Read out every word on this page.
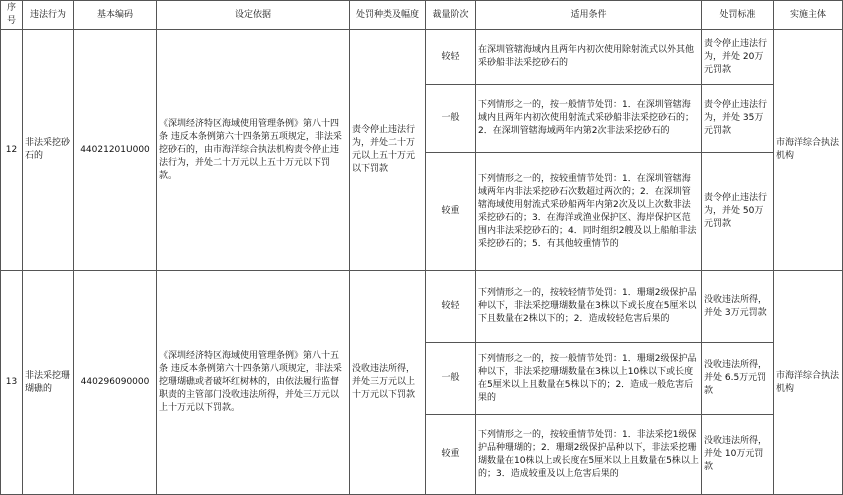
序号	违法行为	基本编码	设定依据	处罚种类及幅度	裁量阶次	适用条件	处罚标准	实施主体
12	非法采挖砂石的	44021201U000	《深圳经济特区海域使用管理条例》第八十四条 违反本条例第六十四条第五项规定，非法采挖砂石的，由市海洋综合执法机构责令停止违法行为，并处二十万元以上五十万元以下罚款。	责令停止违法行为，并处二十万元以上五十万元以下罚款	较轻	在深圳管辖海域内且两年内初次使用除射流式以外其他采砂船非法采挖砂石的	责令停止违法行为，并处 20万元罚款	市海洋综合执法机构
					一般	下列情形之一的，按一般情节处罚：1．在深圳管辖海域内且两年内初次使用射流式采砂船非法采挖砂石的；2．在深圳管辖海域两年内第2次非法采挖砂石的	责令停止违法行为，并处 35万元罚款	
					较重	下列情形之一的，按较重情节处罚：1．在深圳管辖海域两年内非法采挖砂石次数超过两次的；2．在深圳管辖海域使用射流式采砂船两年内第2次及以上次数非法采挖砂石的；3．在海洋或渔业保护区、海岸保护区范围内非法采挖砂石的；4．同时组织2艘及以上船舶非法采挖砂石的；5．有其他较重情节的	责令停止违法行为，并处 50万元罚款	
13	非法采挖珊瑚礁的	440296090000	《深圳经济特区海域使用管理条例》第八十五条 违反本条例第六十四条第八项规定，非法采挖珊瑚礁或者破坏红树林的，由依法履行监督职责的主管部门没收违法所得，并处三万元以上十万元以下罚款。	没收违法所得，并处三万元以上十万元以下罚款	较轻	下列情形之一的，按较轻情节处罚：1．珊瑚2级保护品种以下，非法采挖珊瑚数量在3株以下或长度在5厘米以下且数量在2株以下的；2．造成较轻危害后果的	没收违法所得，并处 3万元罚款	市海洋综合执法机构
					一般	下列情形之一的，按一般情节处罚：1．珊瑚2级保护品种以下，非法采挖珊瑚数量在3株以上10株以下或长度在5厘米以上且数量在5株以下的；2．造成一般危害后果的	没收违法所得，并处 6.5万元罚款	
					较重	下列情形之一的，按较重情节处罚：1．非法采挖1级保护品种珊瑚的；2．珊瑚2级保护品种以下，非法采挖珊瑚数量在10株以上或长度在5厘米以上且数量在5株以上的；3．造成较重及以上危害后果的	没收违法所得，并处 10万元罚款	
